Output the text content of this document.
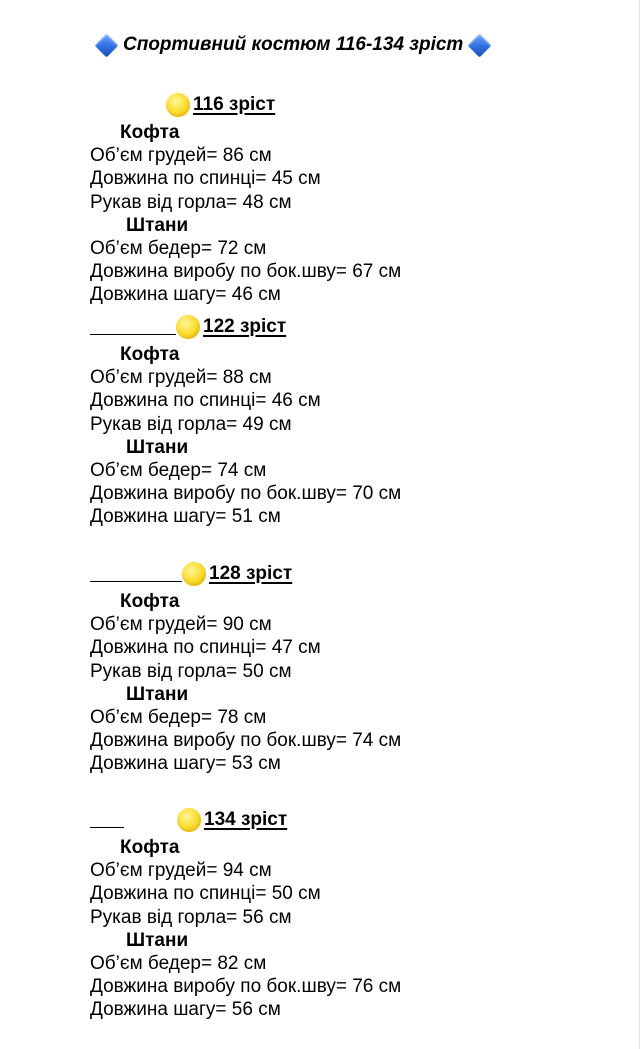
Спортивний костюм 116-134 зріст
116 зріст
Кофта
Об’єм грудей= 86 см
Довжина по спинці= 45 см
Рукав від горла= 48 см
Штани
Об’єм бедер= 72 см
Довжина виробу по бок.шву= 67 см
Довжина шагу= 46 см
122 зріст
Кофта
Об’єм грудей= 88 см
Довжина по спинці= 46 см
Рукав від горла= 49 см
Штани
Об’єм бедер= 74 см
Довжина виробу по бок.шву= 70 см
Довжина шагу= 51 см
128 зріст
Кофта
Об’єм грудей= 90 см
Довжина по спинці= 47 см
Рукав від горла= 50 см
Штани
Об’єм бедер= 78 см
Довжина виробу по бок.шву= 74 см
Довжина шагу= 53 см
134 зріст
Кофта
Об’єм грудей= 94 см
Довжина по спинці= 50 см
Рукав від горла= 56 см
Штани
Об’єм бедер= 82 см
Довжина виробу по бок.шву= 76 см
Довжина шагу= 56 см
